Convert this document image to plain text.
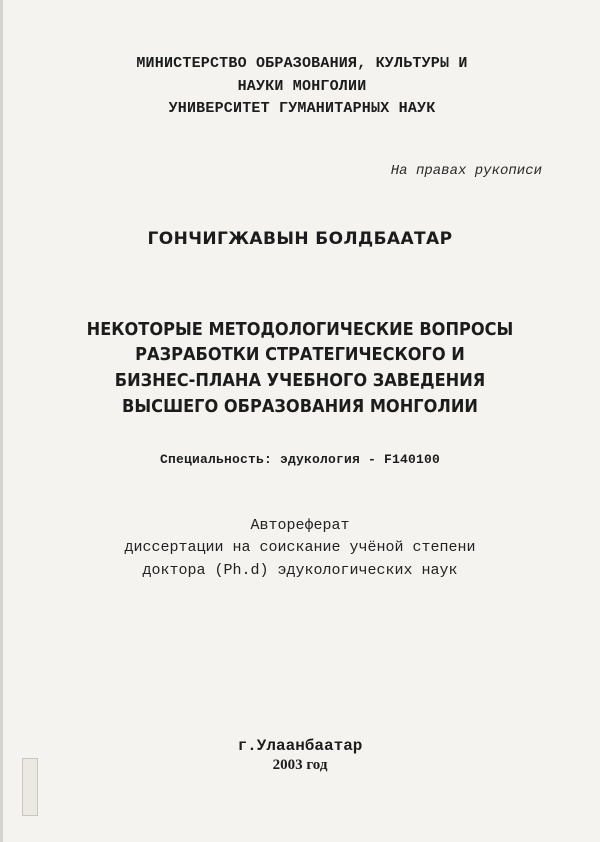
МИНИСТЕРСТВО ОБРАЗОВАНИЯ, КУЛЬТУРЫ И

НАУКИ МОНГОЛИИ

УНИВЕРСИТЕТ ГУМАНИТАРНЫХ НАУК

На правах рукописи

ГОНЧИГЖАВЫН БОЛДБААТАР

НЕКОТОРЫЕ МЕТОДОЛОГИЧЕСКИЕ ВОПРОСЫ

РАЗРАБОТКИ СТРАТЕГИЧЕСКОГО И

БИЗНЕС-ПЛАНА УЧЕБНОГО ЗАВЕДЕНИЯ

ВЫСШЕГО ОБРАЗОВАНИЯ МОНГОЛИИ

Специальность: эдукология - F140100

Автореферат

диссертации на соискание учёной степени

доктора (Ph.d) эдукологических наук

г.Улаанбаатар

2003 год
